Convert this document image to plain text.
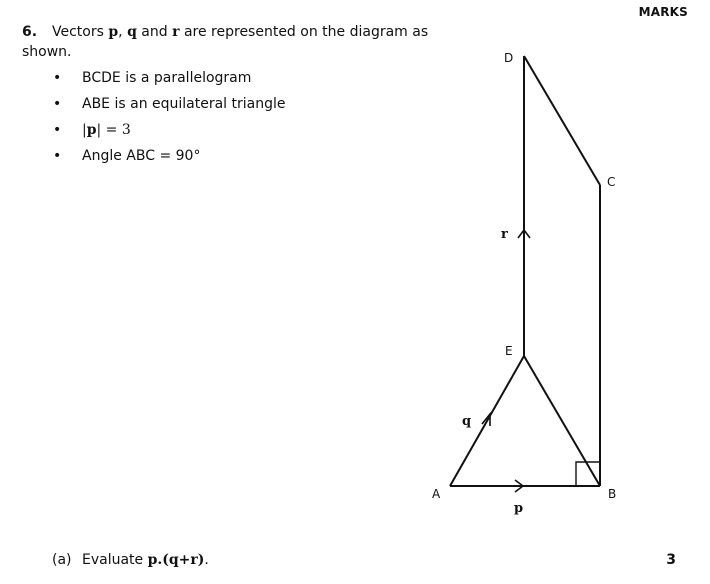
MARKS
6. Vectors p, q and r are represented on the diagram as shown.
• BCDE is a parallelogram
• ABE is an equilateral triangle
• |p| = 3
• Angle ABC = 90°
D
C
E
A	B
p
q
r
(a) Evaluate p.(q+r).	3
